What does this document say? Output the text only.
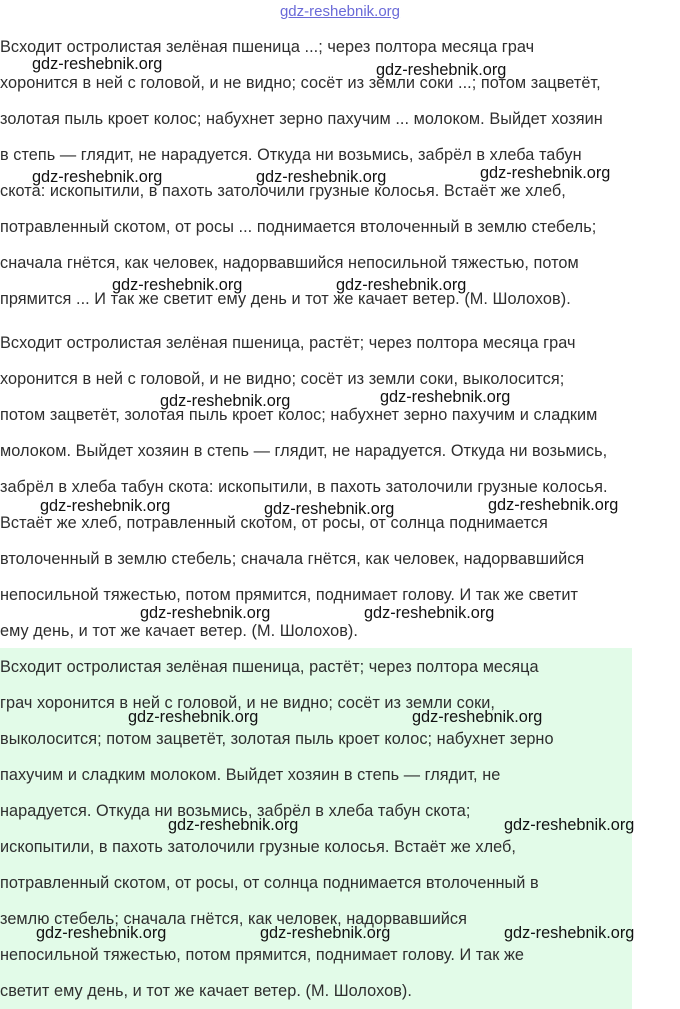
gdz-reshebnik.org

Всходит остролистая зелёная пшеница ...; через полтора месяца грач
хоронится в ней с головой, и не видно; сосёт из земли соки ...; потом зацветёт,
золотая пыль кроет колос; набухнет зерно пахучим ... молоком. Выйдет хозяин
в степь — глядит, не нарадуется. Откуда ни возьмись, забрёл в хлеба табун
скота: ископытили, в пахоть затолочили грузные колосья. Встаёт же хлеб,
потравленный скотом, от росы ... поднимается втолоченный в землю стебель;
сначала гнётся, как человек, надорвавшийся непосильной тяжестью, потом
прямится ... И так же светит ему день и тот же качает ветер. (М. Шолохов).

Всходит остролистая зелёная пшеница, растёт; через полтора месяца грач
хоронится в ней с головой, и не видно; сосёт из земли соки, выколосится;
потом зацветёт, золотая пыль кроет колос; набухнет зерно пахучим и сладким
молоком. Выйдет хозяин в степь — глядит, не нарадуется. Откуда ни возьмись,
забрёл в хлеба табун скота: ископытили, в пахоть затолочили грузные колосья.
Встаёт же хлеб, потравленный скотом, от росы, от солнца поднимается
втолоченный в землю стебель; сначала гнётся, как человек, надорвавшийся
непосильной тяжестью, потом прямится, поднимает голову. И так же светит
ему день, и тот же качает ветер. (М. Шолохов).

Всходит остролистая зелёная пшеница, растёт; через полтора месяца
грач хоронится в ней с головой, и не видно; сосёт из земли соки,
выколосится; потом зацветёт, золотая пыль кроет колос; набухнет зерно
пахучим и сладким молоком. Выйдет хозяин в степь — глядит, не
нарадуется. Откуда ни возьмись, забрёл в хлеба табун скота;
ископытили, в пахоть затолочили грузные колосья. Встаёт же хлеб,
потравленный скотом, от росы, от солнца поднимается втолоченный в
землю стебель; сначала гнётся, как человек, надорвавшийся
непосильной тяжестью, потом прямится, поднимает голову. И так же
светит ему день, и тот же качает ветер. (М. Шолохов).

gdz-reshebnik.org	gdz-reshebnik.org
gdz-reshebnik.org	gdz-reshebnik.org	gdz-reshebnik.org
gdz-reshebnik.org	gdz-reshebnik.org
gdz-reshebnik.org	gdz-reshebnik.org
gdz-reshebnik.org	gdz-reshebnik.org	gdz-reshebnik.org
gdz-reshebnik.org	gdz-reshebnik.org
gdz-reshebnik.org	gdz-reshebnik.org
gdz-reshebnik.org	gdz-reshebnik.org
gdz-reshebnik.org	gdz-reshebnik.org	gdz-reshebnik.org
